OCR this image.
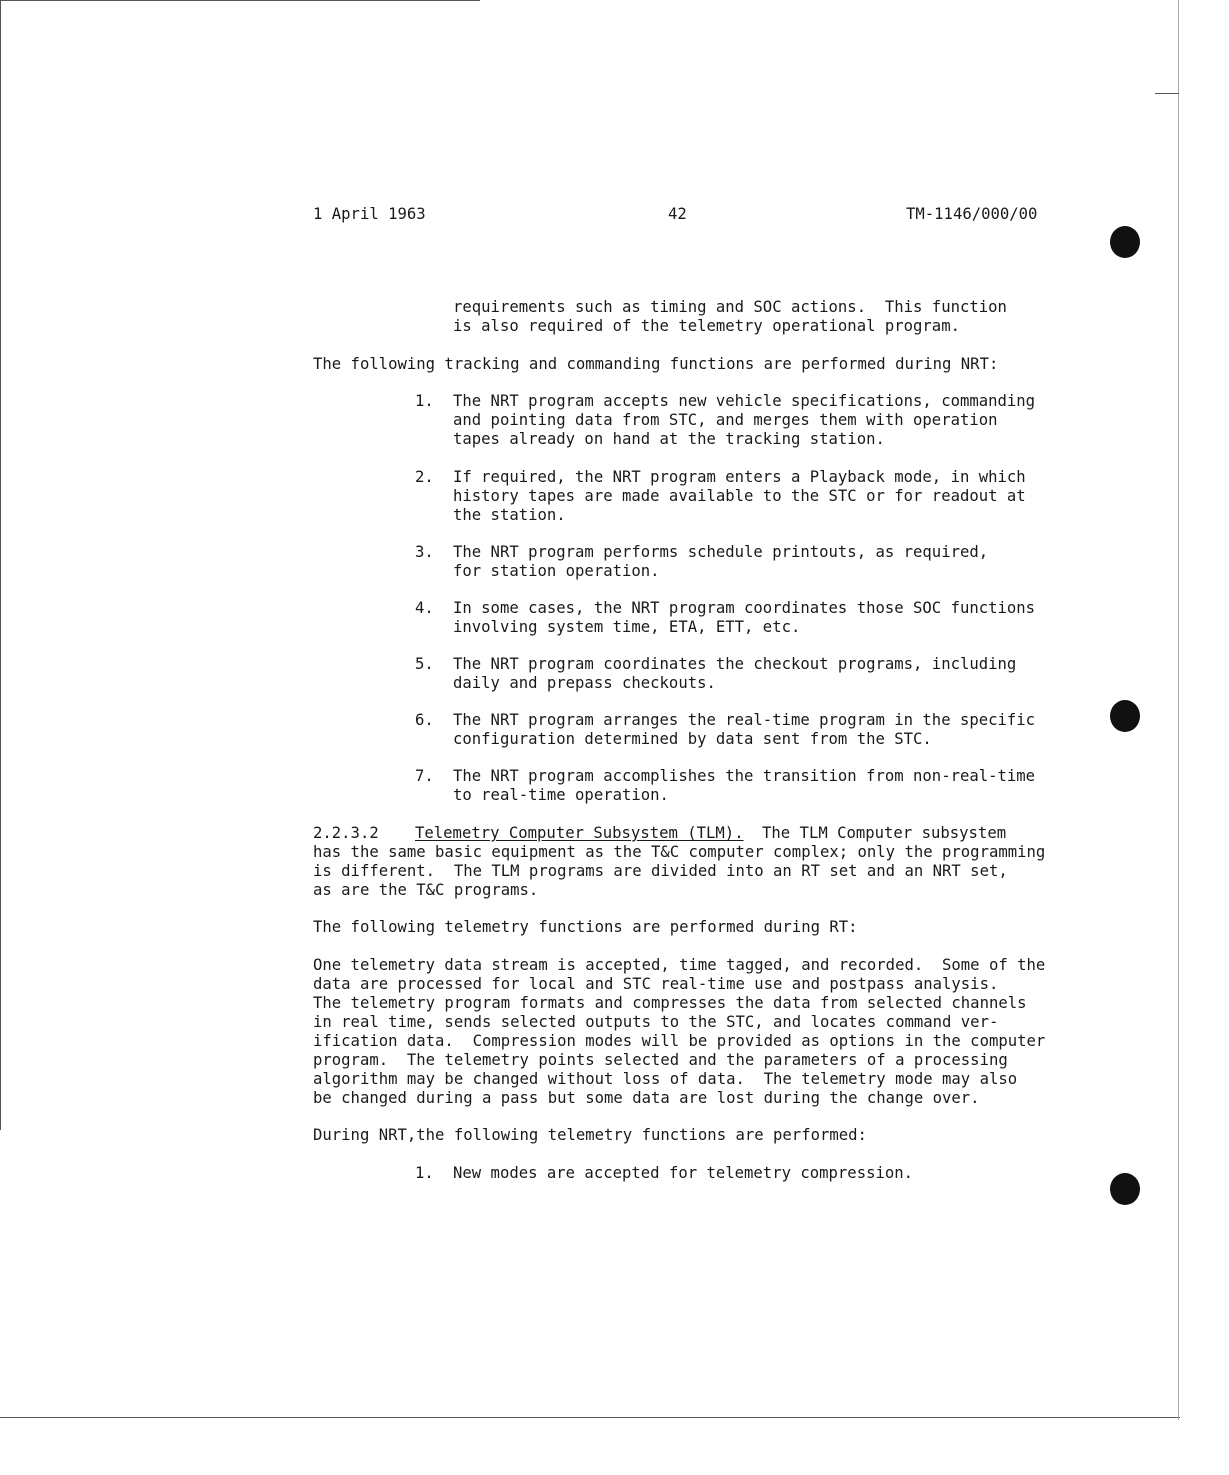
1 April 1963	42	TM-1146/000/00
requirements such as timing and SOC actions.  This function
is also required of the telemetry operational program.
The following tracking and commanding functions are performed during NRT:
1. The NRT program accepts new vehicle specifications, commanding
and pointing data from STC, and merges them with operation
tapes already on hand at the tracking station.
2. If required, the NRT program enters a Playback mode, in which
history tapes are made available to the STC or for readout at
the station.
3. The NRT program performs schedule printouts, as required,
for station operation.
4. In some cases, the NRT program coordinates those SOC functions
involving system time, ETA, ETT, etc.
5. The NRT program coordinates the checkout programs, including
daily and prepass checkouts.
6. The NRT program arranges the real-time program in the specific
configuration determined by data sent from the STC.
7. The NRT program accomplishes the transition from non-real-time
to real-time operation.
2.2.3.2 Telemetry Computer Subsystem (TLM). The TLM Computer subsystem
has the same basic equipment as the T&C computer complex; only the programming
is different.  The TLM programs are divided into an RT set and an NRT set,
as are the T&C programs.
The following telemetry functions are performed during RT:
One telemetry data stream is accepted, time tagged, and recorded.  Some of the
data are processed for local and STC real-time use and postpass analysis.
The telemetry program formats and compresses the data from selected channels
in real time, sends selected outputs to the STC, and locates command ver-
ification data.  Compression modes will be provided as options in the computer
program.  The telemetry points selected and the parameters of a processing
algorithm may be changed without loss of data.  The telemetry mode may also
be changed during a pass but some data are lost during the change over.
During NRT,the following telemetry functions are performed:
1. New modes are accepted for telemetry compression.
